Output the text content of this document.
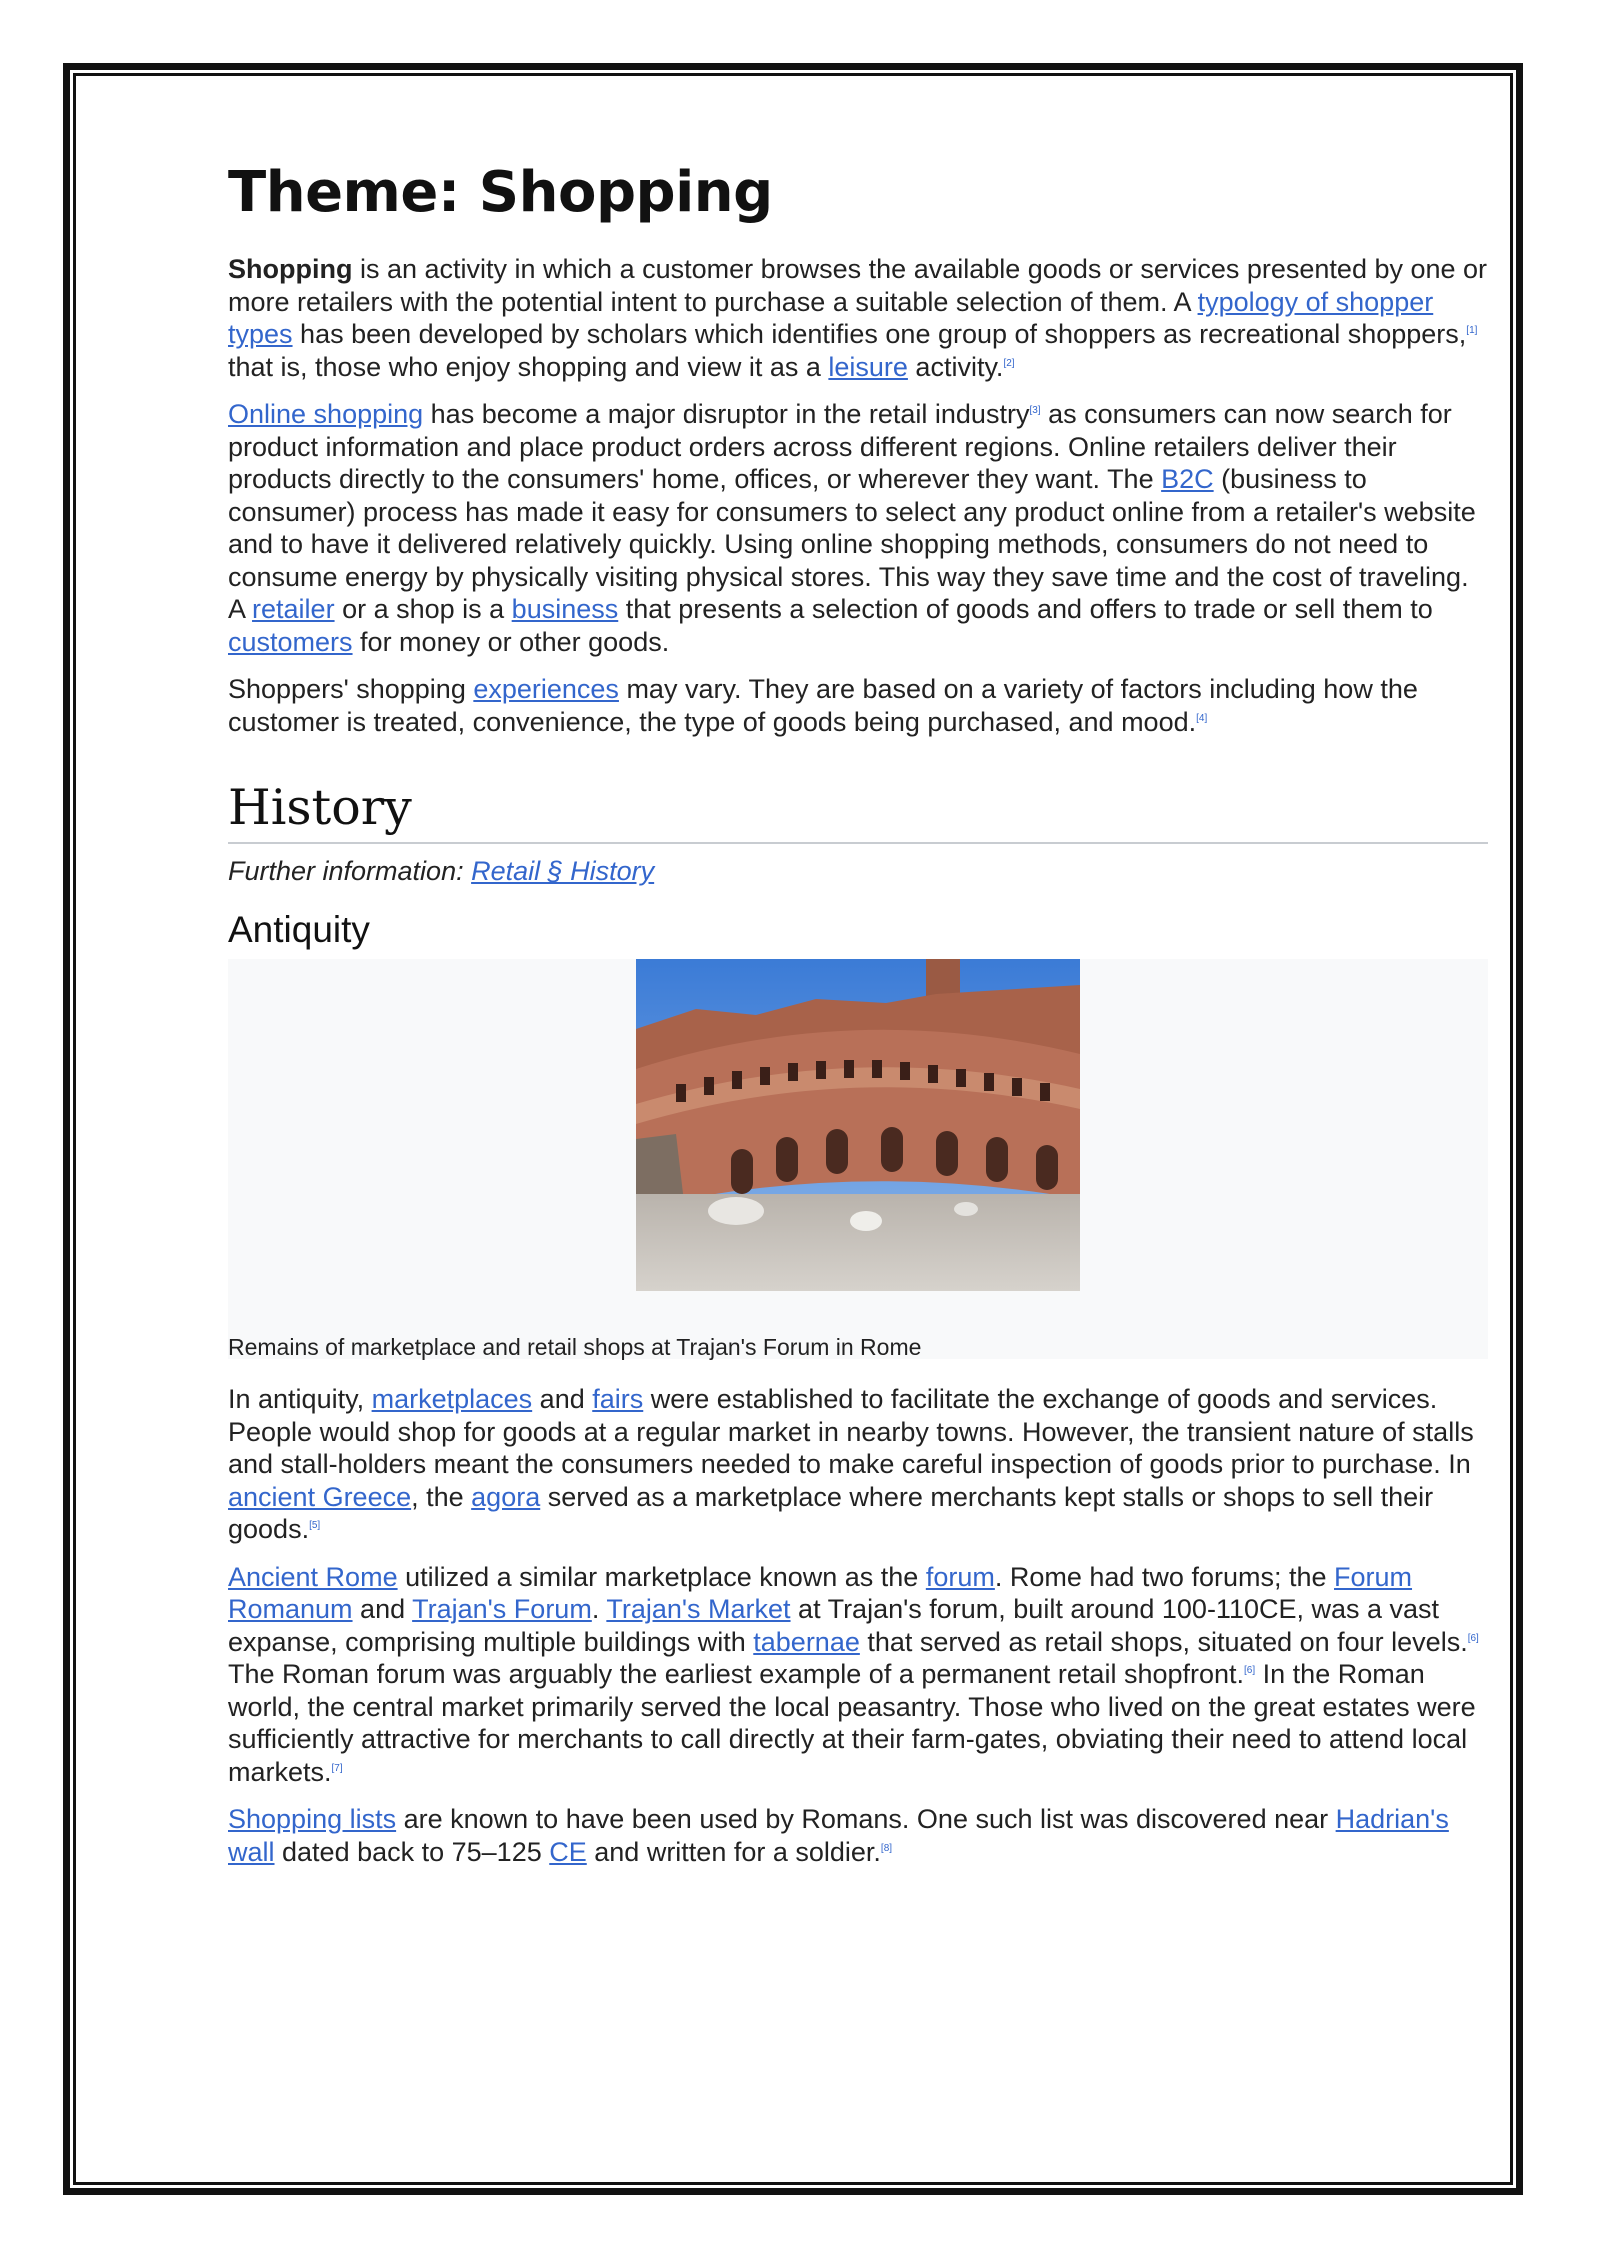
Theme: Shopping

Shopping is an activity in which a customer browses the available goods or services presented by one or more retailers with the potential intent to purchase a suitable selection of them. A typology of shopper types has been developed by scholars which identifies one group of shoppers as recreational shoppers,[1] that is, those who enjoy shopping and view it as a leisure activity.[2]

Online shopping has become a major disruptor in the retail industry[3] as consumers can now search for product information and place product orders across different regions. Online retailers deliver their products directly to the consumers' home, offices, or wherever they want. The B2C (business to consumer) process has made it easy for consumers to select any product online from a retailer's website and to have it delivered relatively quickly. Using online shopping methods, consumers do not need to consume energy by physically visiting physical stores. This way they save time and the cost of traveling. A retailer or a shop is a business that presents a selection of goods and offers to trade or sell them to customers for money or other goods.

Shoppers' shopping experiences may vary. They are based on a variety of factors including how the customer is treated, convenience, the type of goods being purchased, and mood.[4]

History
Further information: Retail § History
Antiquity
Remains of marketplace and retail shops at Trajan's Forum in Rome

In antiquity, marketplaces and fairs were established to facilitate the exchange of goods and services. People would shop for goods at a regular market in nearby towns. However, the transient nature of stalls and stall-holders meant the consumers needed to make careful inspection of goods prior to purchase. In ancient Greece, the agora served as a marketplace where merchants kept stalls or shops to sell their goods.[5]

Ancient Rome utilized a similar marketplace known as the forum. Rome had two forums; the Forum Romanum and Trajan's Forum. Trajan's Market at Trajan's forum, built around 100-110CE, was a vast expanse, comprising multiple buildings with tabernae that served as retail shops, situated on four levels.[6] The Roman forum was arguably the earliest example of a permanent retail shopfront.[6] In the Roman world, the central market primarily served the local peasantry. Those who lived on the great estates were sufficiently attractive for merchants to call directly at their farm-gates, obviating their need to attend local markets.[7]

Shopping lists are known to have been used by Romans. One such list was discovered near Hadrian's wall dated back to 75–125 CE and written for a soldier.[8]
